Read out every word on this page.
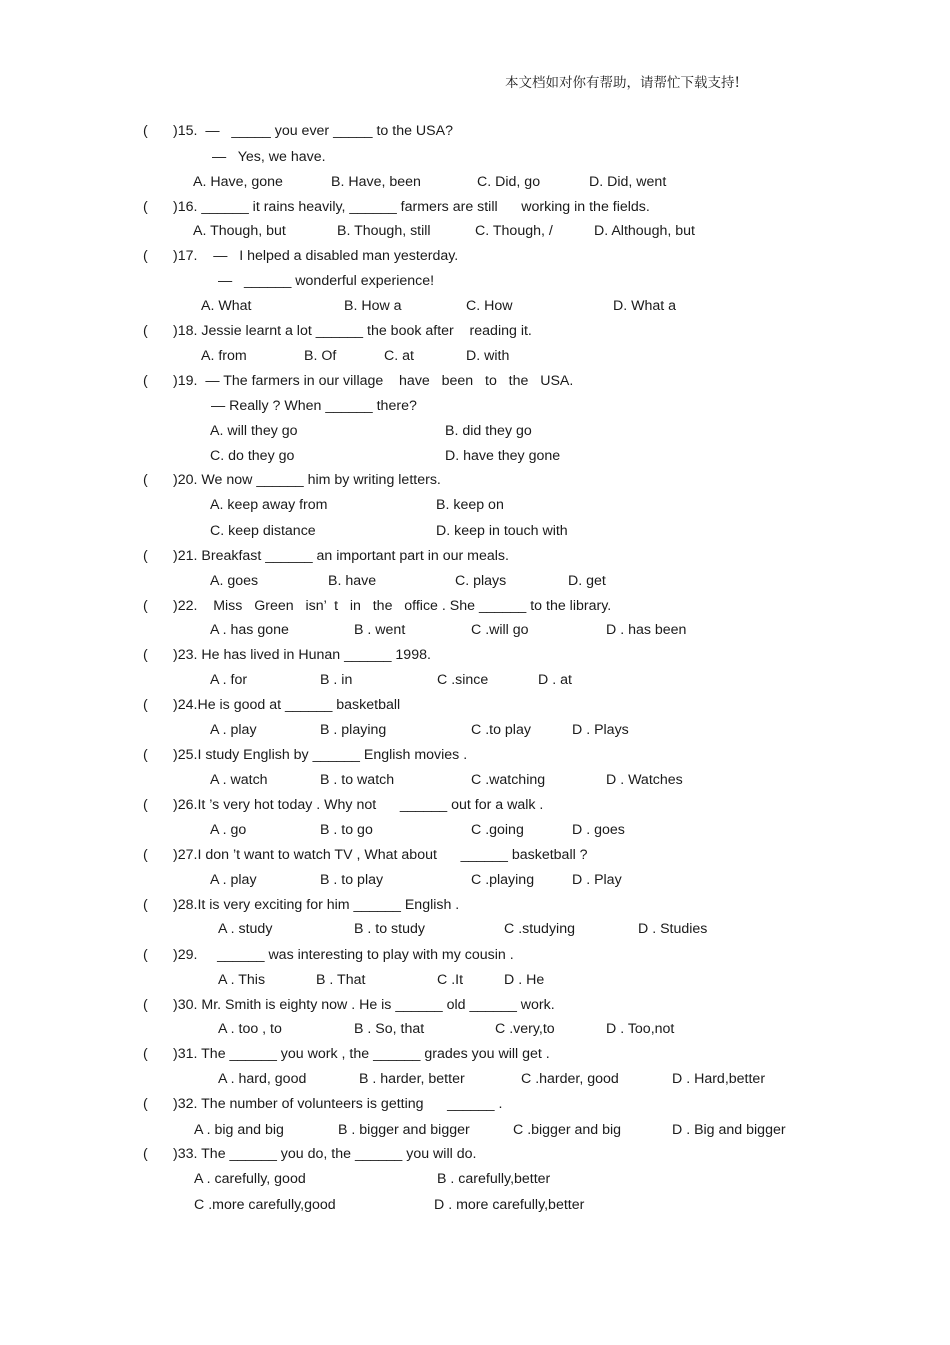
本文档如对你有帮助，请帮忙下载支持!
( )15.  —   _____ you ever _____ to the USA?
—   Yes, we have.
A. Have, gone	B. Have, been	C. Did, go	D. Did, went
( )16. ______ it rains heavily, ______ farmers are still      working in the fields.
A. Though, but	B. Though, still	C. Though, /	D. Although, but
( )17.    —   I helped a disabled man yesterday.
—   ______ wonderful experience!
A. What	B. How a	C. How	D. What a
( )18. Jessie learnt a lot ______ the book after    reading it.
A. from	B. Of	C. at	D. with
( )19.  — The farmers in our village    have   been   to   the   USA.
— Really ? When ______ there?
A. will they go	B. did they go
C. do they go	D. have they gone
( )20. We now ______ him by writing letters.
A. keep away from	B. keep on
C. keep distance	D. keep in touch with
( )21. Breakfast ______ an important part in our meals.
A. goes	B. have	C. plays	D. get
( )22.    Miss   Green   isn’  t   in   the   office . She ______ to the library.
A . has gone	B . went	C .will go	D . has been
( )23. He has lived in Hunan ______ 1998.
A . for	B . in	C .since	D . at
( )24.He is good at ______ basketball
A . play	B . playing	C .to play	D . Plays
( )25.I study English by ______ English movies .
A . watch	B . to watch	C .watching	D . Watches
( )26.It ’s very hot today . Why not      ______ out for a walk .
A . go	B . to go	C .going	D . goes
( )27.I don ’t want to watch TV , What about      ______ basketball ?
A . play	B . to play	C .playing	D . Play
( )28.It is very exciting for him ______ English .
A . study	B . to study	C .studying	D . Studies
( )29.     ______ was interesting to play with my cousin .
A . This	B . That	C .It	D . He
( )30. Mr. Smith is eighty now . He is ______ old ______ work.
A . too , to	B . So, that	C .very,to	D . Too,not
( )31. The ______ you work , the ______ grades you will get .
A . hard, good	B . harder, better	C .harder, good	D . Hard,better
( )32. The number of volunteers is getting      ______ .
A . big and big	B . bigger and bigger	C .bigger and big	D . Big and bigger
( )33. The ______ you do, the ______ you will do.
A . carefully, good	B . carefully,better
C .more carefully,good	D . more carefully,better
